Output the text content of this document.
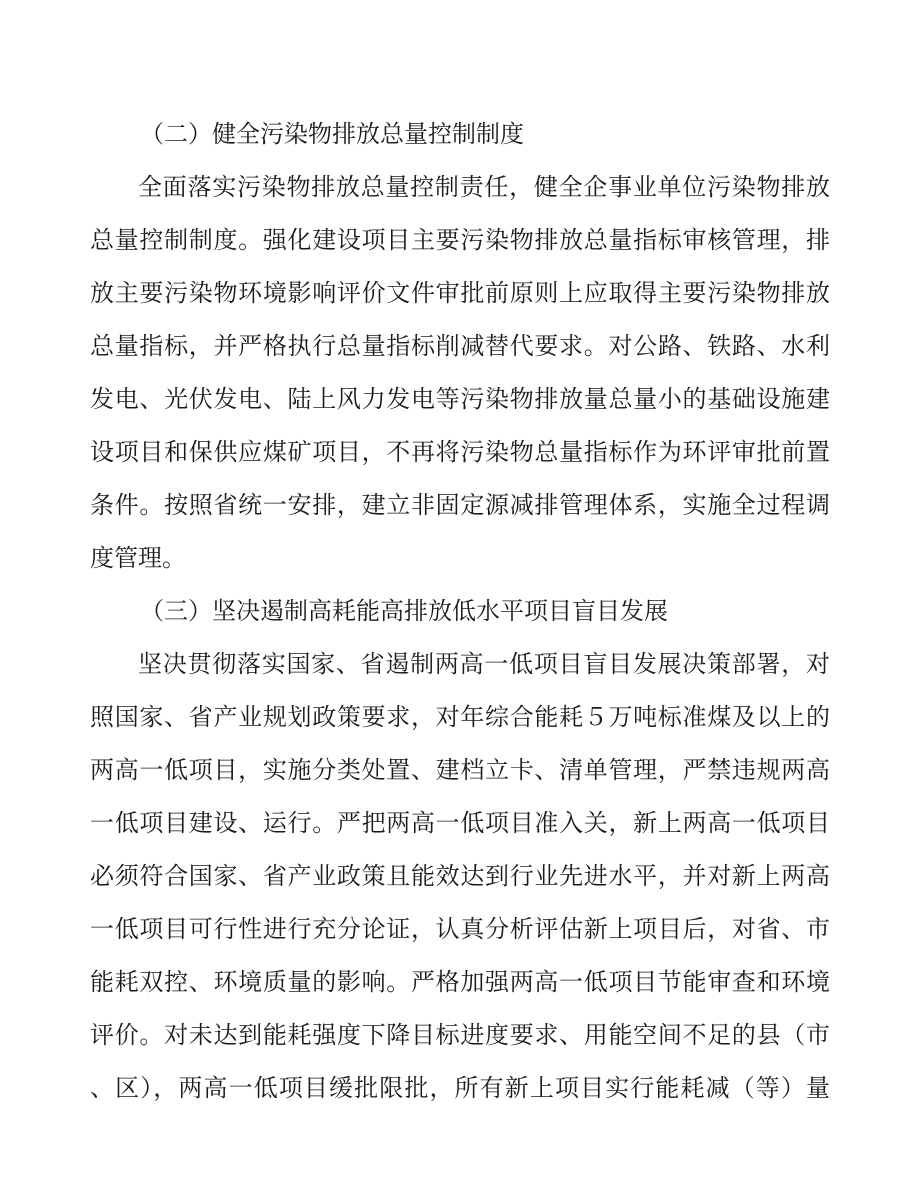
（二）健全污染物排放总量控制制度
全面落实污染物排放总量控制责任，健全企事业单位污染物排放
总量控制制度。强化建设项目主要污染物排放总量指标审核管理，排
放主要污染物环境影响评价文件审批前原则上应取得主要污染物排放
总量指标，并严格执行总量指标削减替代要求。对公路、铁路、水利
发电、光伏发电、陆上风力发电等污染物排放量总量小的基础设施建
设项目和保供应煤矿项目，不再将污染物总量指标作为环评审批前置
条件。按照省统一安排，建立非固定源减排管理体系，实施全过程调
度管理。
（三）坚决遏制高耗能高排放低水平项目盲目发展
坚决贯彻落实国家、省遏制两高一低项目盲目发展决策部署，对
照国家、省产业规划政策要求，对年综合能耗５万吨标准煤及以上的
两高一低项目，实施分类处置、建档立卡、清单管理，严禁违规两高
一低项目建设、运行。严把两高一低项目准入关，新上两高一低项目
必须符合国家、省产业政策且能效达到行业先进水平，并对新上两高
一低项目可行性进行充分论证，认真分析评估新上项目后，对省、市
能耗双控、环境质量的影响。严格加强两高一低项目节能审查和环境
评价。对未达到能耗强度下降目标进度要求、用能空间不足的县（市
、区），两高一低项目缓批限批，所有新上项目实行能耗减（等）量
